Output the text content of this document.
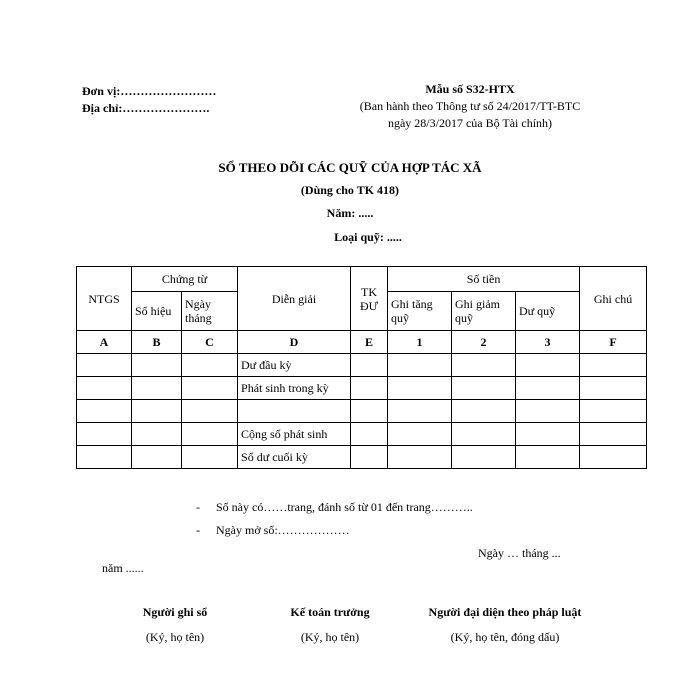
Đơn vị:……………………
Địa chỉ:………………….
Mẫu số S32-HTX
(Ban hành theo Thông tư số 24/2017/TT-BTC
ngày 28/3/2017 của Bộ Tài chính)
SỔ THEO DÕI CÁC QUỸ CỦA HỢP TÁC XÃ
(Dùng cho TK 418)
Năm: .....
Loại quỹ: .....
NTGS	Chứng từ		Diễn giải	TK ĐƯ	Số tiền			Ghi chú
	Số hiệu	Ngày tháng			Ghi tăng quỹ	Ghi giảm quỹ	Dư quỹ	
A	B	C	D	E	1	2	3	F
			Dư đầu kỳ					
			Phát sinh trong kỳ					

			Cộng số phát sinh					
			Số dư cuối kỳ					
- Sổ này có……trang, đánh số từ 01 đến trang………..
- Ngày mở sổ:………………
Ngày … tháng ...
năm ......
Người ghi sổ
(Ký, họ tên)
Kế toán trưởng
(Ký, họ tên)
Người đại diện theo pháp luật
(Ký, họ tên, đóng dấu)
